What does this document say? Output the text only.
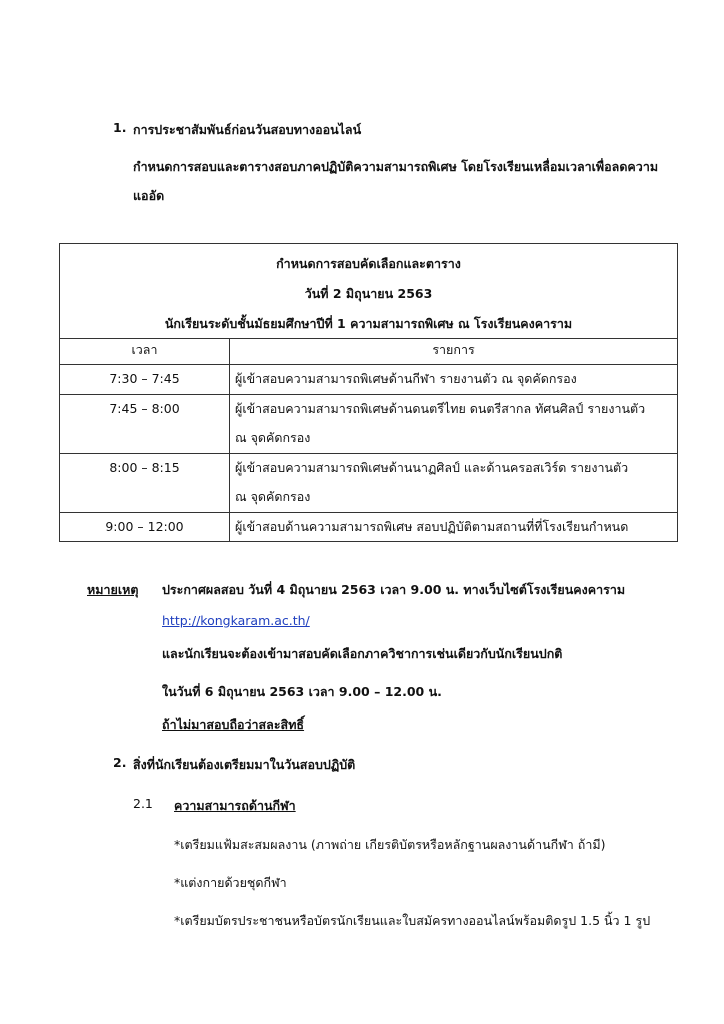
1. การประชาสัมพันธ์ก่อนวันสอบทางออนไลน์
กำหนดการสอบและตารางสอบภาคปฏิบัติความสามารถพิเศษ โดยโรงเรียนเหลื่อมเวลาเพื่อลดความ
แออัด
กำหนดการสอบคัดเลือกและตาราง
วันที่ 2 มิถุนายน 2563
นักเรียนระดับชั้นมัธยมศึกษาปีที่ 1 ความสามารถพิเศษ ณ โรงเรียนคงคาราม	

เวลา	รายการ
7:30 – 7:45	ผู้เข้าสอบความสามารถพิเศษด้านกีฬา รายงานตัว ณ จุดคัดกรอง
7:45 – 8:00	ผู้เข้าสอบความสามารถพิเศษด้านดนตรีไทย ดนตรีสากล ทัศนศิลป์ รายงานตัว
ณ จุดคัดกรอง

8:00 – 8:15	ผู้เข้าสอบความสามารถพิเศษด้านนาฏศิลป์ และด้านครอสเวิร์ด รายงานตัว
ณ จุดคัดกรอง

9:00 – 12:00	ผู้เข้าสอบด้านความสามารถพิเศษ สอบปฏิบัติตามสถานที่ที่โรงเรียนกำหนด
หมายเหตุ ประกาศผลสอบ วันที่ 4 มิถุนายน 2563 เวลา 9.00 น. ทางเว็บไซต์โรงเรียนคงคาราม
http://kongkaram.ac.th/
และนักเรียนจะต้องเข้ามาสอบคัดเลือกภาควิชาการเช่นเดียวกับนักเรียนปกติ
ในวันที่ 6 มิถุนายน 2563 เวลา 9.00 – 12.00 น.
ถ้าไม่มาสอบถือว่าสละสิทธิ์
2. สิ่งที่นักเรียนต้องเตรียมมาในวันสอบปฏิบัติ
2.1 ความสามารถด้านกีฬา
*เตรียมแฟ้มสะสมผลงาน (ภาพถ่าย เกียรติบัตรหรือหลักฐานผลงานด้านกีฬา ถ้ามี)
*แต่งกายด้วยชุดกีฬา
*เตรียมบัตรประชาชนหรือบัตรนักเรียนและใบสมัครทางออนไลน์พร้อมติดรูป 1.5 นิ้ว 1 รูป
